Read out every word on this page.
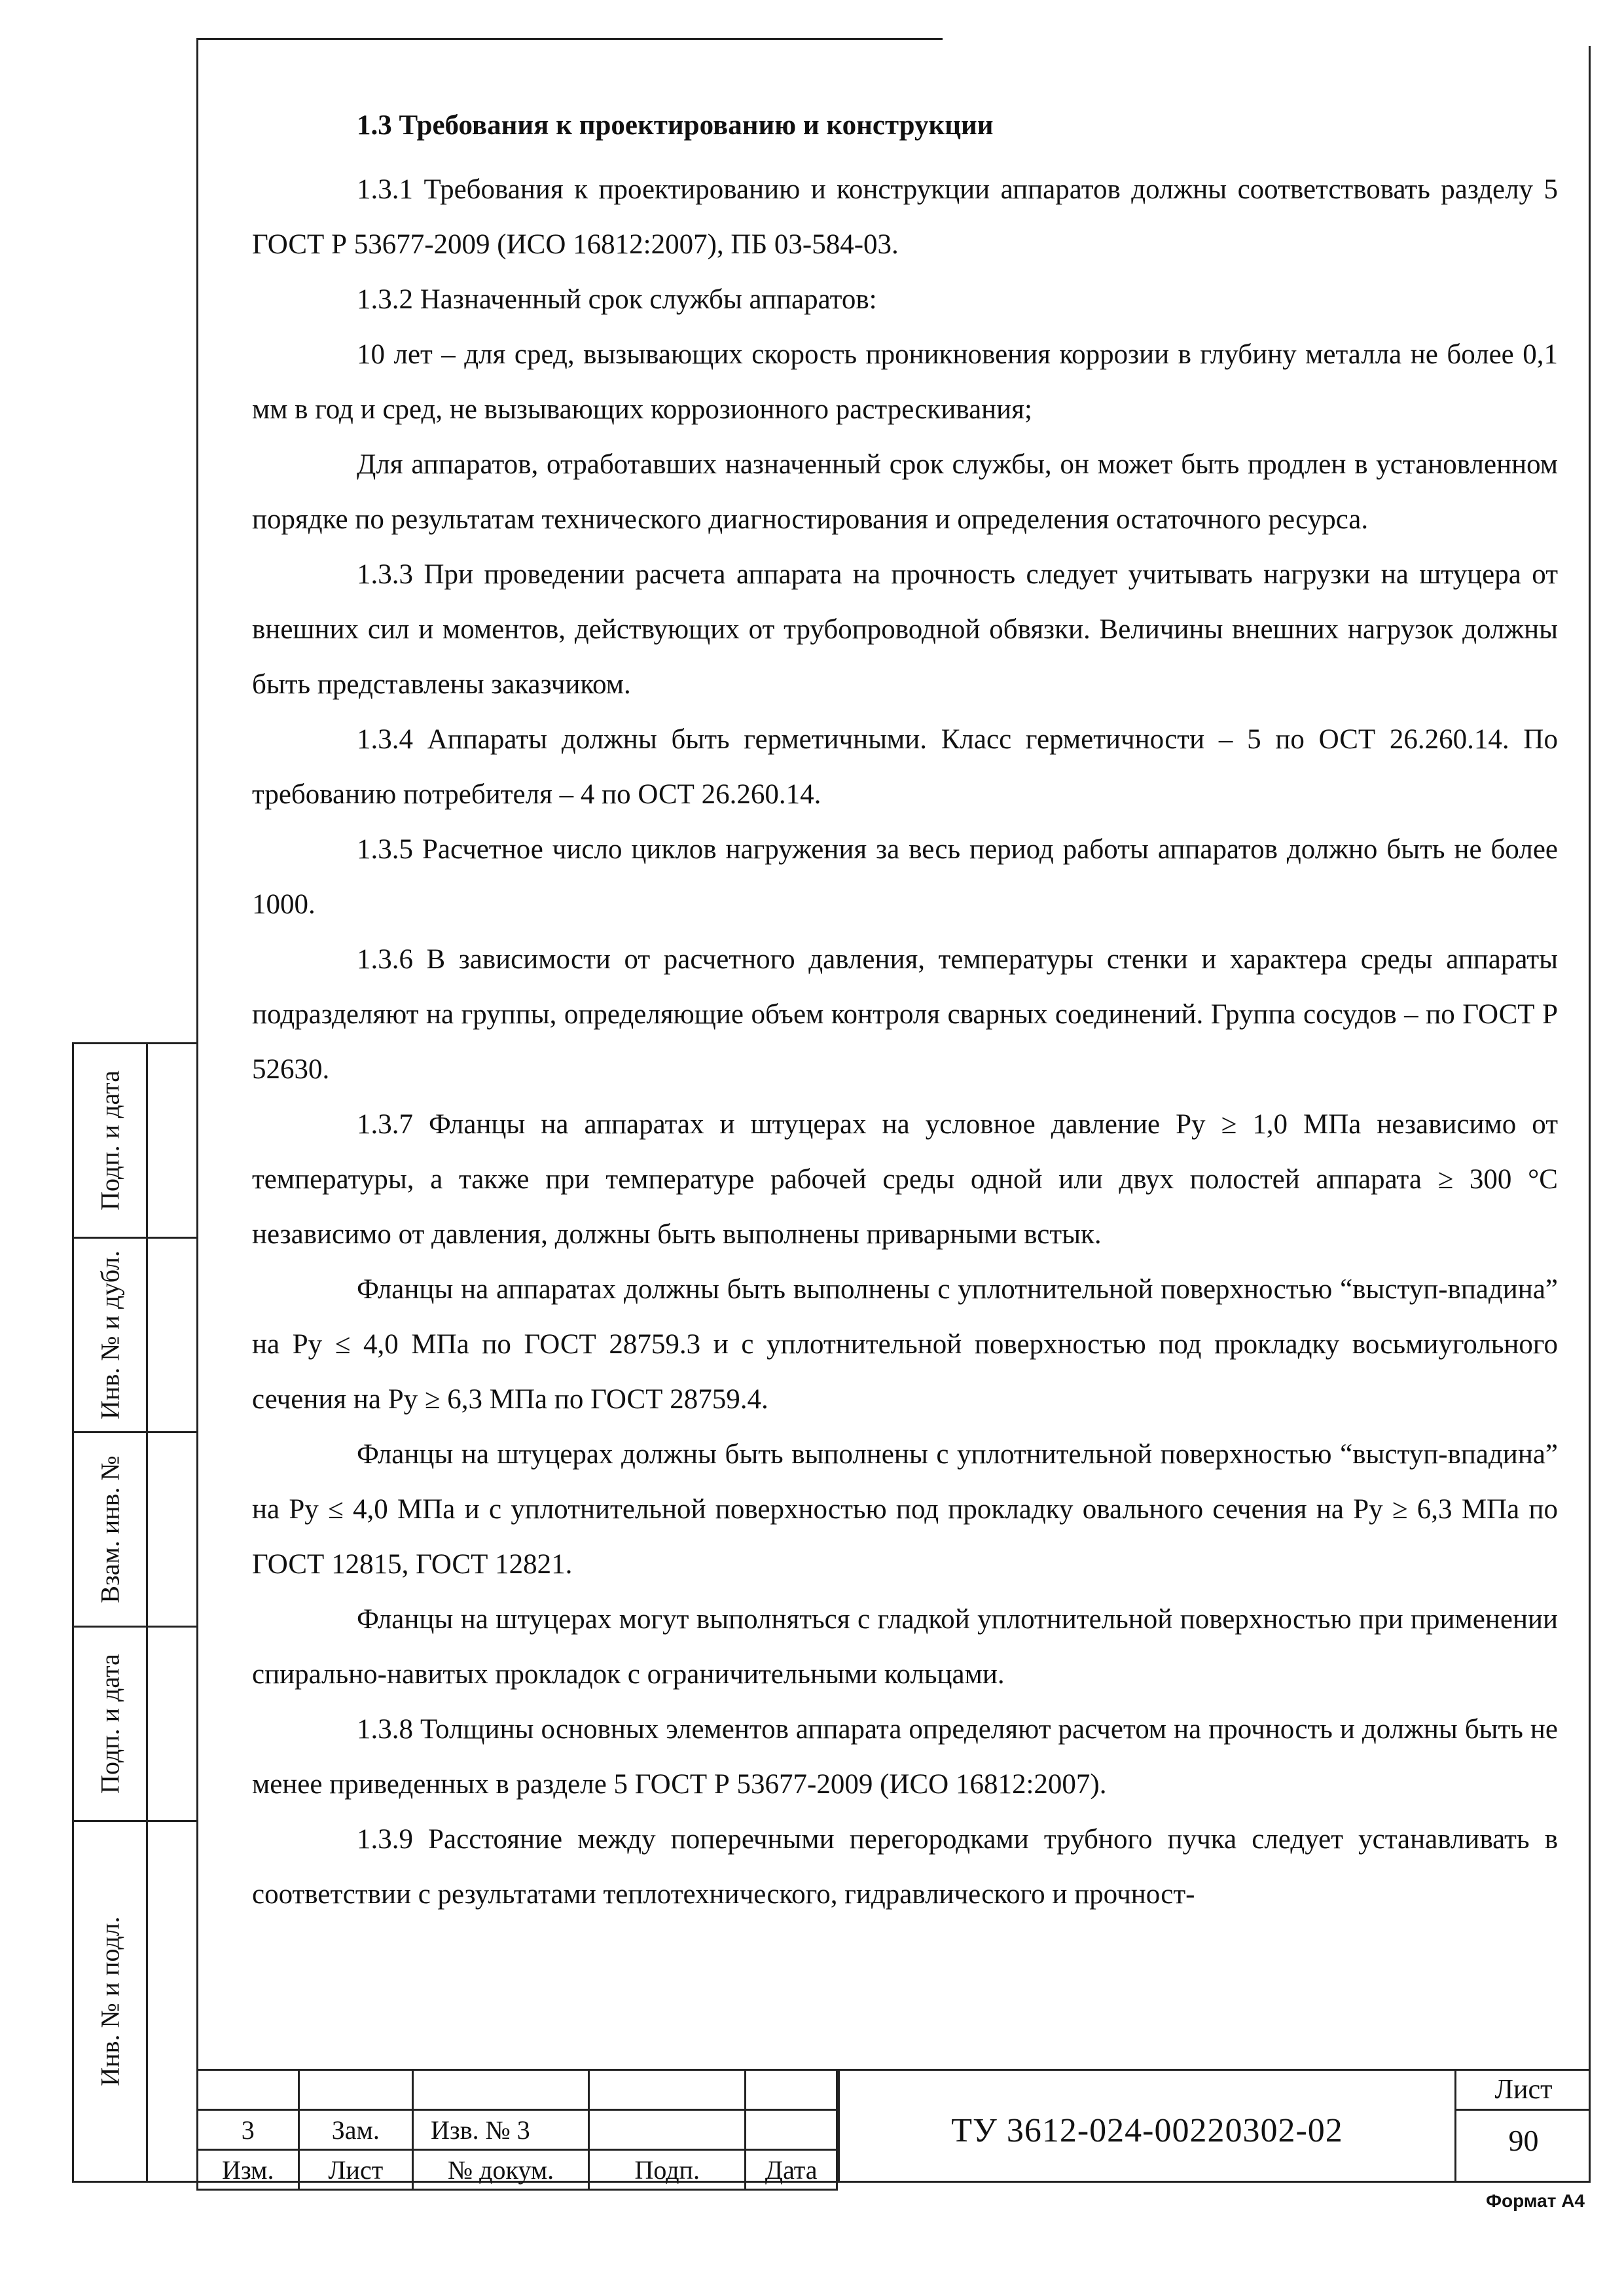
Подп. и дата
Инв. № и дубл.
Взам. инв. №
Подп. и дата
Инв. № и подл.
1.3 Требования к проектированию и конструкции

1.3.1 Требования к проектированию и конструкции аппаратов должны соответствовать разделу 5 ГОСТ Р 53677-2009 (ИСО 16812:2007), ПБ 03-584-03.

1.3.2 Назначенный срок службы аппаратов:

10 лет – для сред, вызывающих скорость проникновения коррозии в глубину металла не более 0,1 мм в год и сред, не вызывающих коррозионного растрескивания;

Для аппаратов, отработавших назначенный срок службы, он может быть продлен в установленном порядке по результатам технического диагностирования и определения остаточного ресурса.

1.3.3 При проведении расчета аппарата на прочность следует учитывать нагрузки на штуцера от внешних сил и моментов, действующих от трубопроводной обвязки. Величины внешних нагрузок должны быть представлены заказчиком.

1.3.4 Аппараты должны быть герметичными. Класс герметичности – 5 по ОСТ 26.260.14. По требованию потребителя – 4 по ОСТ 26.260.14.

1.3.5 Расчетное число циклов нагружения за весь период работы аппаратов должно быть не более 1000.

1.3.6 В зависимости от расчетного давления, температуры стенки и характера среды аппараты подразделяют на группы, определяющие объем контроля сварных соединений. Группа сосудов – по ГОСТ Р 52630.

1.3.7 Фланцы на аппаратах и штуцерах на условное давление Ру ≥ 1,0 МПа независимо от температуры, а также при температуре рабочей среды одной или двух полостей аппарата ≥ 300 °С независимо от давления, должны быть выполнены приварными встык.

Фланцы на аппаратах должны быть выполнены с уплотнительной поверхностью “выступ-впадина” на Ру ≤ 4,0 МПа по ГОСТ 28759.3 и с уплотнительной поверхностью под прокладку восьмиугольного сечения на Ру ≥ 6,3 МПа по ГОСТ 28759.4.

Фланцы на штуцерах должны быть выполнены с уплотнительной поверхностью “выступ-впадина” на Ру ≤ 4,0 МПа и с уплотнительной поверхностью под прокладку овального сечения на Ру ≥ 6,3 МПа по ГОСТ 12815, ГОСТ 12821.

Фланцы на штуцерах могут выполняться с гладкой уплотнительной поверхностью при применении спирально-навитых прокладок с ограничительными кольцами.

1.3.8 Толщины основных элементов аппарата определяют расчетом на прочность и должны быть не менее приведенных в разделе 5 ГОСТ Р 53677-2009 (ИСО 16812:2007).

1.3.9 Расстояние между поперечными перегородками трубного пучка следует устанавливать в соответствии с результатами теплотехнического, гидравлического и прочност-

3	Зам.	Изв. № 3		
Изм.	Лист	№ докум.	Подп.	Дата
ТУ 3612-024-00220302-02
Лист
90
Формат А4
